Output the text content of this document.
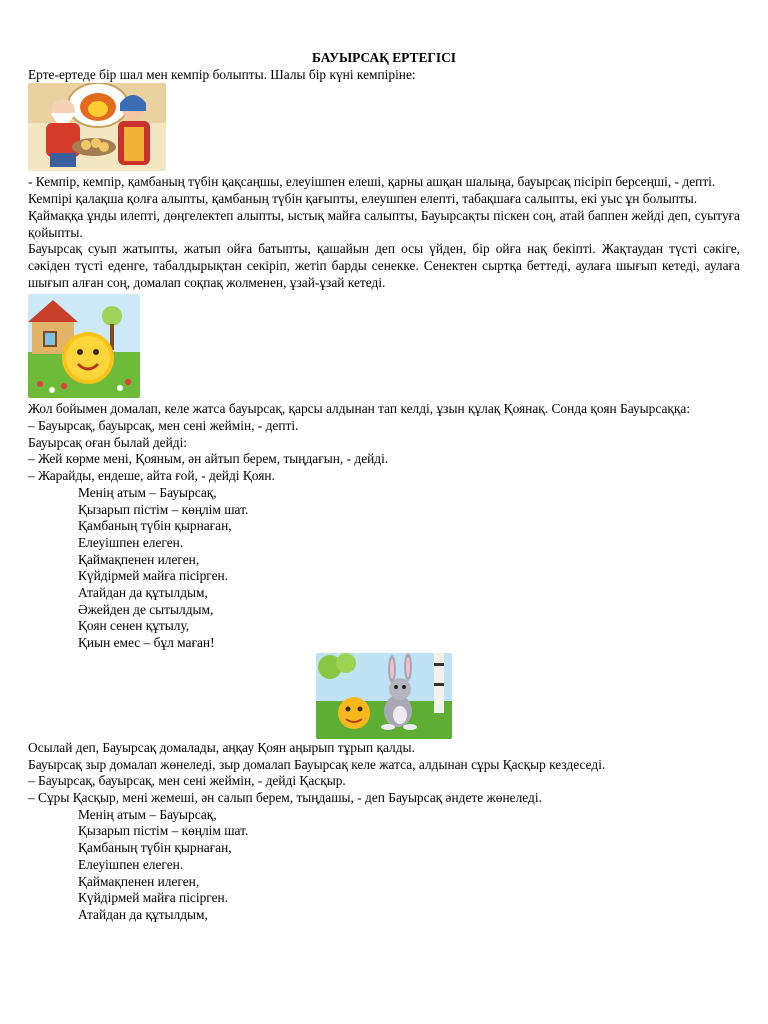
БАУЫРСАҚ ЕРТЕГІСІ

Ерте-ертеде бір шал мен кемпір болыпты. Шалы бір күні кемпіріне:

- Кемпір, кемпір, қамбаның түбін қақсаңшы, елеуішпен елеші, қарны ашқан шалыңа, бауырсақ пісіріп берсеңші, - депті.

Кемпірі қалақша қолға алыпты, қамбаның түбін қағыпты, елеушпен елепті, табақшаға салыпты, екі уыс ұн болыпты.

Қаймаққа ұнды илепті, дөңгелектеп алыпты, ыстық майға салыпты, Бауырсақты піскен соң, атай баппен жейді деп, суытуға қойыпты.

Бауырсақ суып жатыпты, жатып ойға батыпты, қашайын деп осы үйден, бір ойға нақ бекіпті. Жақтаудан түсті сәкіге, сәкіден түсті еденге, табалдырықтан секіріп, жетіп барды сенекке. Сенектен сыртқа беттеді, аулаға шығып кетеді, аулаға шығып алған соң, домалап соқпақ жолменен, ұзай-ұзай кетеді.

Жол бойымен домалап, келе жатса бауырсақ, қарсы алдынан тап келді, ұзын құлақ Қоянақ. Сонда қоян Бауырсаққа:

– Бауырсақ, бауырсақ, мен сені жеймін, - депті.

Бауырсақ оған былай дейді:

– Жей көрме мені, Қояным, ән айтып берем, тыңдағын, - дейді.

– Жарайды, ендеше, айта ғой, - дейді Қоян.

Менің атым – Бауырсақ,

Қызарып пістім – көңлім шат.

Қамбаның түбін қырнаған,

Елеуішпен елеген.

Қаймақпенен илеген,

Күйдірмей майға пісірген.

Атайдан да құтылдым,

Әжейден де сытылдым,

Қоян сенен құтылу,

Қиын емес – бұл маған!

Осылай деп, Бауырсақ домалады, аңқау Қоян аңырып тұрып қалды.

Бауырсақ зыр домалап жөнеледі, зыр домалап Бауырсақ келе жатса, алдынан сұры Қасқыр кездеседі.

– Бауырсақ, бауырсақ, мен сені жеймін, - дейді Қасқыр.

– Сұры Қасқыр, мені жемеші, ән салып берем, тыңдашы, - деп Бауырсақ әндете жөнеледі.

Менің атым – Бауырсақ,

Қызарып пістім – көңлім шат.

Қамбаның түбін қырнаған,

Елеуішпен елеген.

Қаймақпенен илеген,

Күйдірмей майға пісірген.

Атайдан да құтылдым,
